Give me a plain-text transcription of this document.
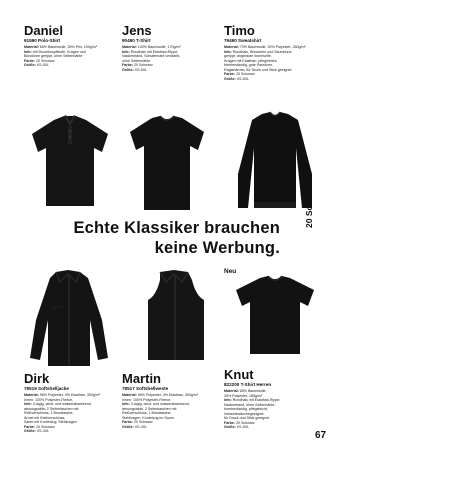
Daniel
91590 Polo-Shirt
Material: 65% Baumwolle, 35% Pes, 190g/m²
Info: mit Druckknopfleiste, Kragen und
Bündchen gerippt, ohne Seitennähte
Farbe: 20 Schwarz
Größe: XS-5XL
Jens
90490 T-Shirt
Material: 100% Baumwolle, 170g/m²
Info: Rundhals mit Elasthan-Rippe,
Nackenband, Schulternaht verstärkt,
ohne Seitennähte
Farbe: 20 Schwarz
Größe: XS-5XL
Timo
79490 Sweatshirt
Material: 70% Baumwolle, 30% Polyester, 280g/m²
Info: Rundhals, Bündchen und Saumbund
gerippt, angeraute Innenseite,
Kragen mit Elasthan, pflegeleicht,
formbeständig, gute Passform,
Raglanärmel, für Druck und Stick geeignet
Farbe: 20 Schwarz
Größe: XS-5XL
Dirk
78519 Softshelljacke
Material: 96% Polyester, 4% Elasthan, 300g/m²
Innen: 100% Polyester-Fleece,
Info: 3-lagig, wind- und wasserabweisend,
atmungsaktiv, 2 Seitentaschen mit
Reißverschluss, 1 Brusttasche,
Ärmel mit Klettverschluss,
Saum mit Kordelzug, Stehkragen
Farbe: 20 Schwarz
Größe: XS-4XL
Martin
78517 Softshellweste
Material: 96% Polyester, 4% Elasthan, 300g/m²
Innen: 100% Polyester-Fleece,
Info: 3-lagig, wind- und wasserabweisend,
atmungsaktiv, 2 Seitentaschen mit
Reißverschluss, 1 Brusttasche,
Stehkragen, Kordelzug im Saum
Farbe: 20 Schwarz
Größe: XS-4XL
Knut
822200 T-Shirt Herren
Material: 65% Baumwolle,
35% Polyester, 185g/m²
Info: Rundhals mit Elasthan-Rippe,
Nackenband, ohne Seitennähte,
formbeständig, pflegeleicht,
industriewäschegeeignet,
für Druck und Stick geeignet
Farbe: 20 Schwarz
Größe: XS-5XL
Echte Klassiker brauchen
keine Werbung.
Neu
20 Schwarz
67
